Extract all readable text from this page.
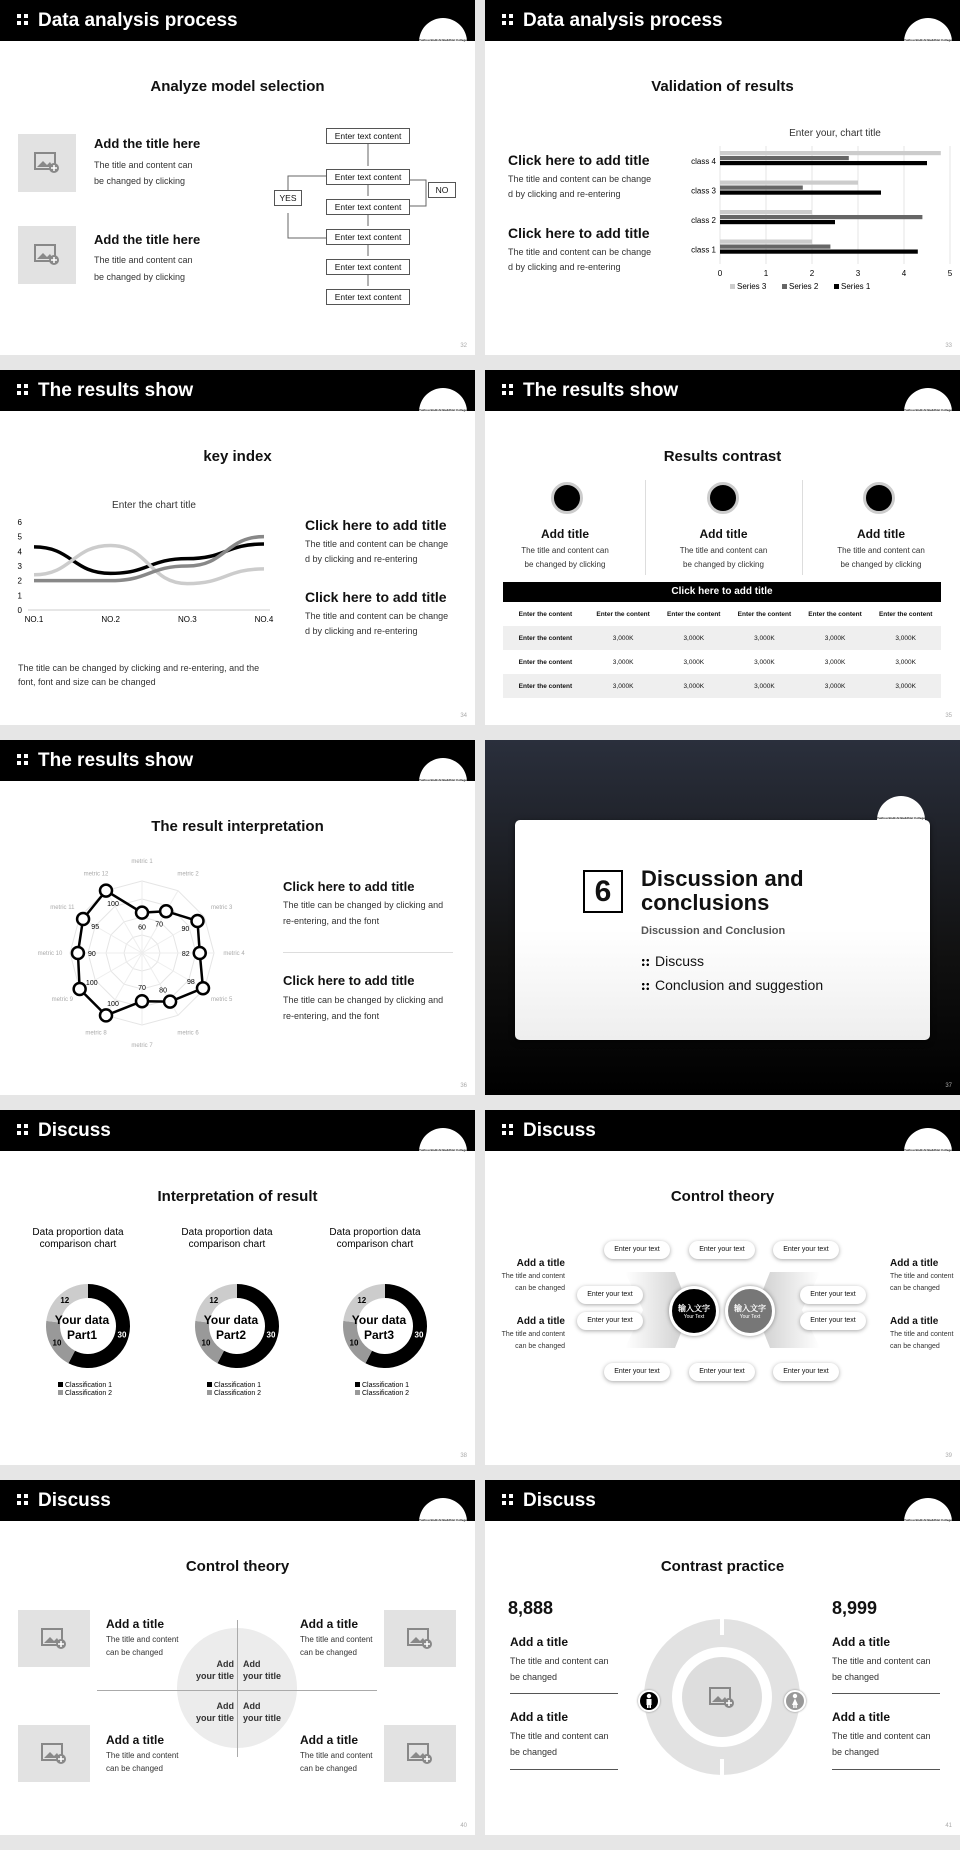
Data analysis process
Yuzhou Bodishi Buddhist College
Analyze model selection
Add the title here
The title and content can
be changed by clicking
Add the title here
The title and content can
be changed by clicking
Enter text content
Enter text content
Enter text content
Enter text content
Enter text content
Enter text content
YES
NO
32
Data analysis process
Yuzhou Bodishi Buddhist College
Validation of results
Click here to add title
The title and content can be change
d by clicking and re-entering
Click here to add title
The title and content can be change
d by clicking and re-entering
Enter your, chart title
0	1	2	3	4	5
class 1
class 2
class 3
class 4
Series 3	Series 2	Series 1
33
The results show
Yuzhou Bodishi Buddhist College
key index
Enter the chart title
0
1
2
3
4
5
6
NO.1	NO.2	NO.3	NO.4
Click here to add title
The title and content can be change
d by clicking and re-entering
Click here to add title
The title and content can be change
d by clicking and re-entering
The title can be changed by clicking and re-entering, and the
font, font and size can be changed
34
The results show
Yuzhou Bodishi Buddhist College
Results contrast
Add title
The title and content can
be changed by clicking
Add title
The title and content can
be changed by clicking
Add title
The title and content can
be changed by clicking
Click here to add title
Enter the content	Enter the content	Enter the content	Enter the content	Enter the content	Enter the content
Enter the content	3,000K	3,000K	3,000K	3,000K	3,000K
Enter the content	3,000K	3,000K	3,000K	3,000K	3,000K
Enter the content	3,000K	3,000K	3,000K	3,000K	3,000K
35
The results show
Yuzhou Bodishi Buddhist College
The result interpretation
metric 1
metric 2
metric 3
metric 4
metric 5
metric 6
metric 7
metric 8
metric 9
metric 10
metric 11
metric 12
60 70
90
82
98
80
70
100
100
90
95
100
Click here to add title
The title can be changed by clicking and
re-entering, and the font
Click here to add title
The title can be changed by clicking and
re-entering, and the font
36
Yuzhou Bodishi Buddhist College
6	Discussion and
conclusions
Discussion and Conclusion
Discuss
Conclusion and suggestion
37
Discuss
Yuzhou Bodishi Buddhist College
Interpretation of result
Data proportion data
comparison chart
30
10
12
Your data
Part1
Classification 1
Classification 2
Data proportion data
comparison chart
30
10
12
Your data
Part2
Classification 1
Classification 2
Data proportion data
comparison chart
30
10
12
Your data
Part3
Classification 1
Classification 2
38
Discuss
Yuzhou Bodishi Buddhist College
Control theory
输入文字
Your Text
输入文字
Your Text
Enter your text	Enter your text	Enter your text
Enter your text
Enter your text
Enter your text
Enter your text
Enter your text	Enter your text	Enter your text
Add a title
The title and content
can be changed
Add a title
The title and content
can be changed
Add a title
The title and content
can be changed
Add a title
The title and content
can be changed
39
Discuss
Yuzhou Bodishi Buddhist College
Control theory
Add
your title
Add
your title
Add
your title
Add
your title
Add a title
The title and content
can be changed
Add a title
The title and content
can be changed
Add a title
The title and content
can be changed
Add a title
The title and content
can be changed
40
Discuss
Yuzhou Bodishi Buddhist College
Contrast practice
8,888	8,999
Add a title
The title and content can
be changed
Add a title
The title and content can
be changed
Add a title
The title and content can
be changed
Add a title
The title and content can
be changed
41
